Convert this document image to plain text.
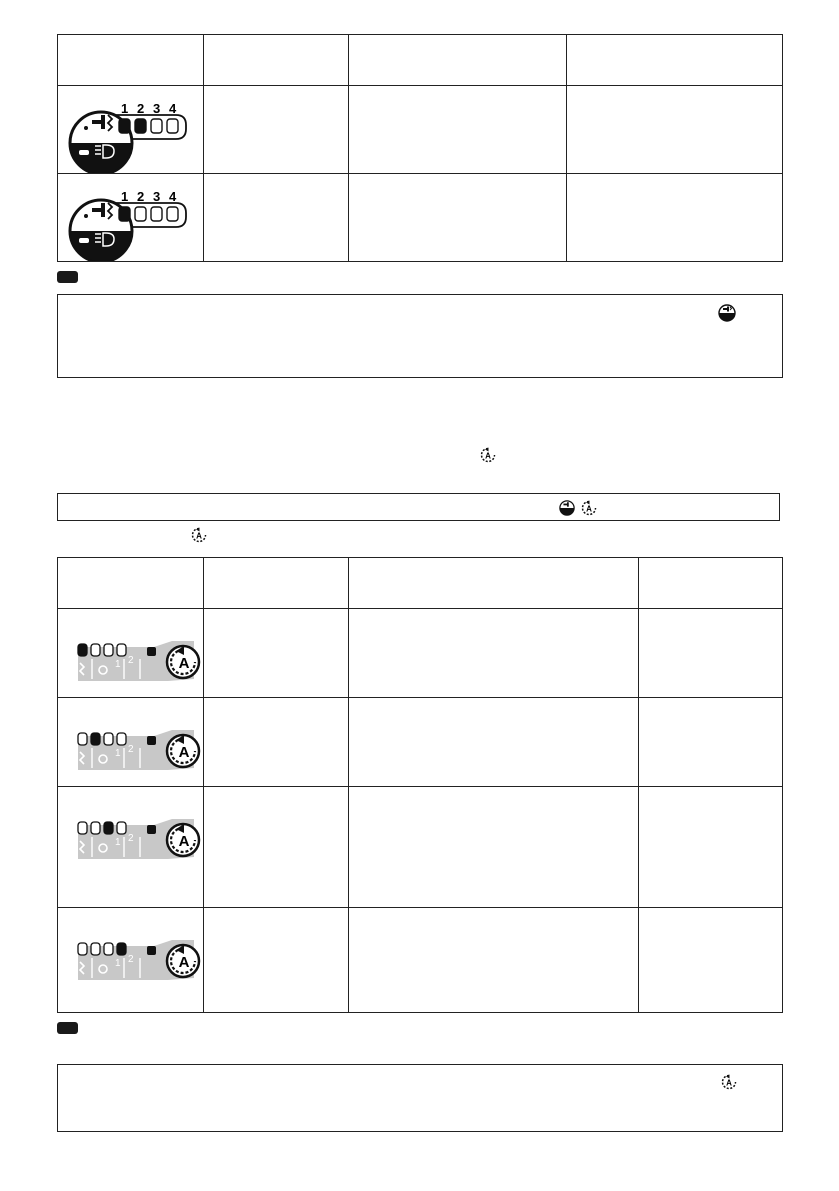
1 2 3 4
1 2 3 4
A
A
A
1 2	A
1 2	A
1 2	A
1 2	A
A
